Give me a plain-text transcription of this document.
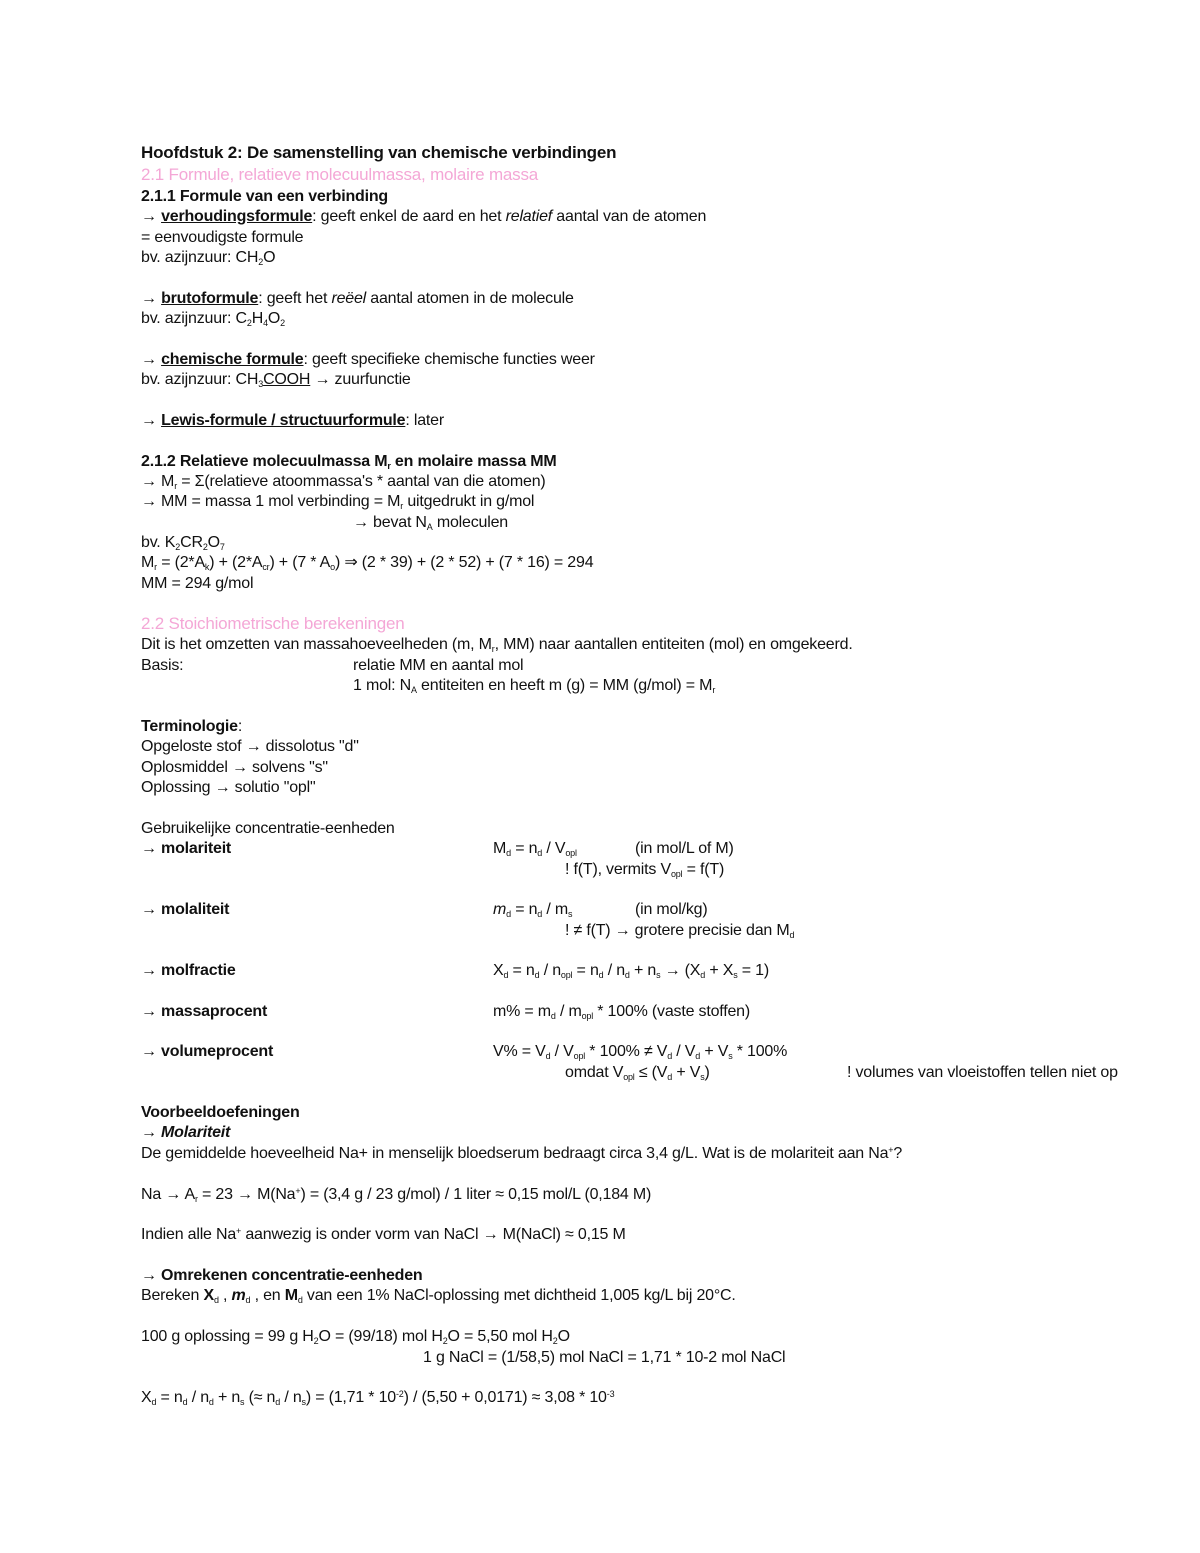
Hoofdstuk 2: De samenstelling van chemische verbindingen
2.1 Formule, relatieve molecuulmassa, molaire massa
2.1.1 Formule van een verbinding
→ verhoudingsformule: geeft enkel de aard en het relatief aantal van de atomen
= eenvoudigste formule
bv. azijnzuur: $CH_2O$
→ brutoformule: geeft het reëel aantal atomen in de molecule
bv. azijnzuur: $C_2H_4O_2$
→ chemische formule: geeft specifieke chemische functies weer
bv. azijnzuur: $CH_3COOH$ → zuurfunctie
→ Lewis-formule / structuurformule: later
2.1.2 Relatieve molecuulmassa $M_r$ en molaire massa MM
→ $M_r$ = Σ(relatieve atoommassa's * aantal van die atomen)
→ MM = massa 1 mol verbinding = $M_r$ uitgedrukt in g/mol
→ bevat $N_A$ moleculen
bv. $K_2CR_2O_7$
$M_r = (2*A_k) + (2*A_{cr}) + (7 * A_o)$ ⇒ (2 * 39) + (2 * 52) + (7 * 16) = 294
MM = 294 g/mol
2.2 Stoichiometrische berekeningen
Dit is het omzetten van massahoeveelheden (m, $M_r$, MM) naar aantallen entiteiten (mol) en omgekeerd.
Basis:	relatie MM en aantal mol
1 mol: $N_A$ entiteiten en heeft m (g) = MM $(g/mol) = M_r$
Terminologie:
Opgeloste stof → dissolotus "d"
Oplosmiddel → solvens "s"
Oplossing → solutio "opl"
Gebruikelijke concentratie-eenheden
→ molariteit	$M_d = n_d / V_{opl}$	(in mol/L of M)
! f(T), vermits $V_{opl} = f(T)$
→ molaliteit	$m_d = n_d / m_s$	(in mol/kg)
! ≠ f(T) → grotere precisie dan $M_d$
→ molfractie	$X_d = n_d / n_{opl} = n_d / n_d + n_s \to (X_d + X_s = 1)$
→ massaprocent	$m\% = m_d / m_{opl} * 100\%$ (vaste stoffen)
→ volumeprocent	$V\% = V_d / V_{opl} * 100\% \ne V_d / V_d + V_s * 100\%$
omdat $V_{opl} \le (V_d + V_s)$	! volumes van vloeistoffen tellen niet op
Voorbeeldoefeningen
→ Molariteit
De gemiddelde hoeveelheid Na+ in menselijk bloedserum bedraagt circa 3,4 g/L. Wat is de molariteit aan Na+?
$Na \to A_r = 23 \to M(Na^+) = (3,4$ g / 23 g/mol) / 1 liter ≈ 0,15 mol/L (0,184 M)
Indien alle Na+ aanwezig is onder vorm van NaCl → M(NaCl) ≈ 0,15 M
→ Omrekenen concentratie-eenheden
Bereken $X_d$ , $m_d$ , en $M_d$ van een 1% NaCl-oplossing met dichtheid 1,005 kg/L bij 20°C.
100 g oplossing = 99 g $H_2O = (99/18)$ mol $H_2O = 5,50$ mol $H_2O$
1 g NaCl = (1/58,5) mol NaCl = 1,71 * 10-2 mol NaCl
$X_d = n_d / n_d + n_s$ (≈ $n_d / n_s) = (1,71 * 10^{-2}) / (5,50 + 0,0171) \approx 3,08 * 10^{-3}$
